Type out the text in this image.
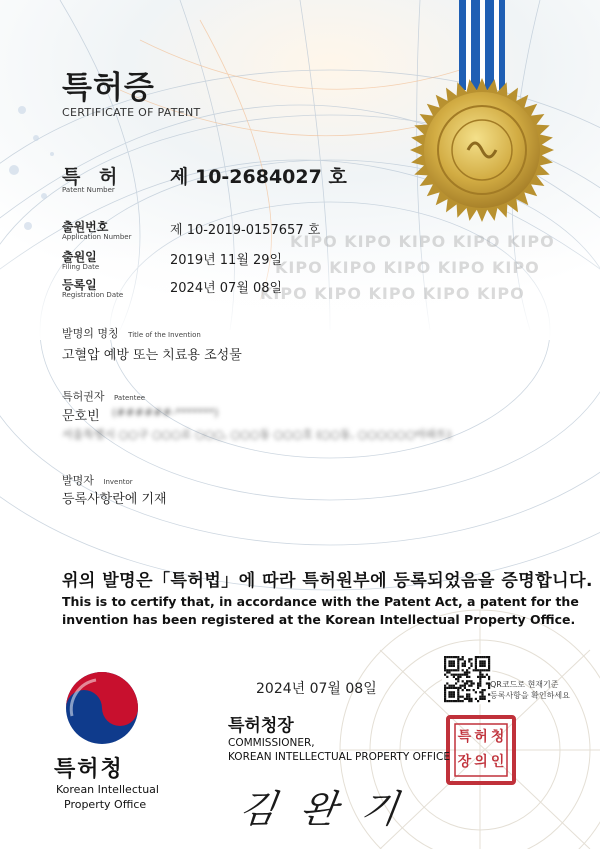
KIPO KIPO KIPO KIPO KIPO
KIPO KIPO KIPO KIPO KIPO
KIPO KIPO KIPO KIPO KIPO
특허증
CERTIFICATE OF PATENT
특 허
Patent Number
제 10-2684027 호
출원번호
Application Number	제 10-2019-0157657 호
출원일
Filing Date	2019년 11월 29일
등록일
Registration Date	2024년 07월 08일
발명의 명칭 Title of the Invention
고혈압 예방 또는 치료용 조성물
특허권자 Patentee
문호빈 (######-*******)
서울특별시 ○○구 ○○○로 ○○○, ○○○동 ○○○호 (○○동, ○○○○○○아파트)
발명자 Inventor
등록사항란에 기재
위의 발명은「특허법」에 따라 특허원부에 등록되었음을 증명합니다.
This is to certify that, in accordance with the Patent Act, a patent for the
invention has been registered at the Korean Intellectual Property Office.
2024년 07월 08일
특허청장
COMMISSIONER,
KOREAN INTELLECTUAL PROPERTY OFFICE
김 완 기
QR코드로 현재기준
등록사항을 확인하세요
특 허 청
장 의 인
특허청
Korean Intellectual
Property Office
